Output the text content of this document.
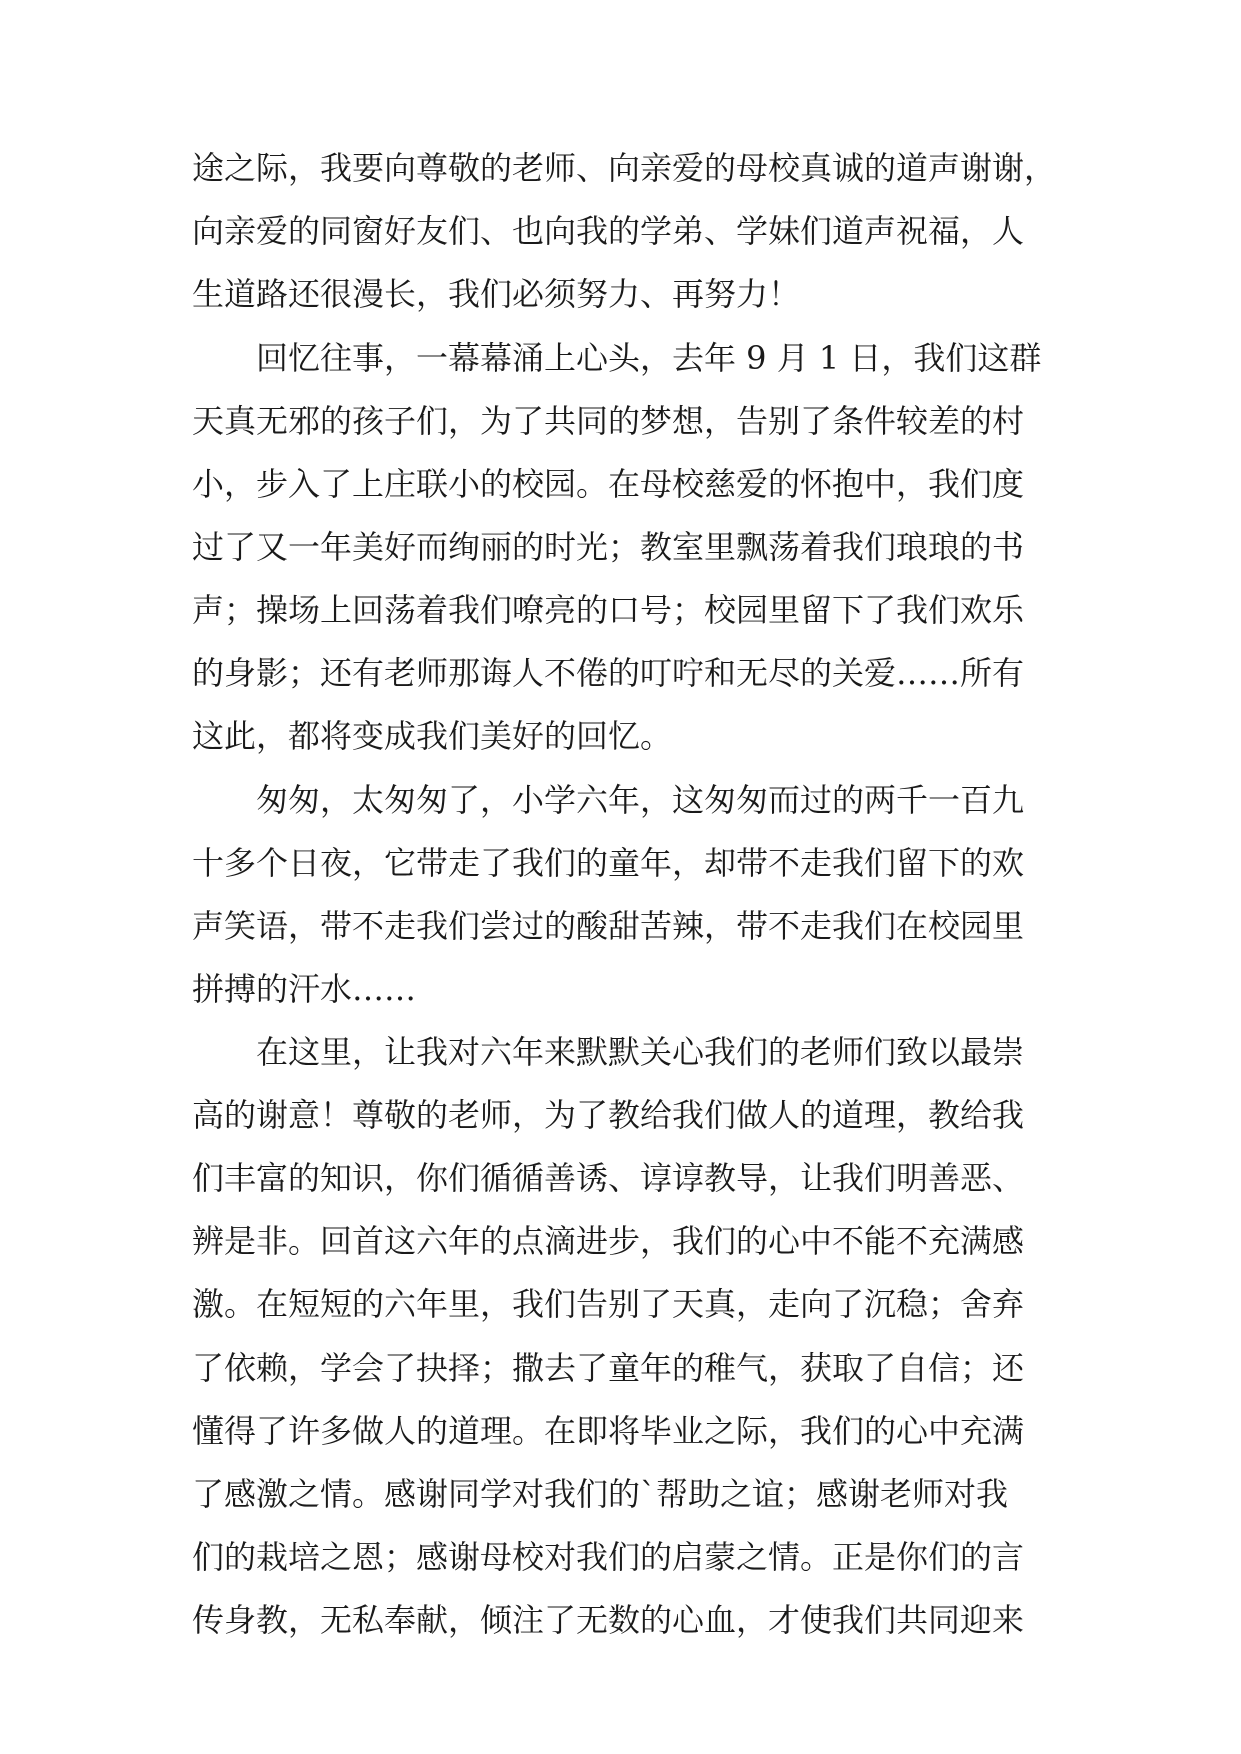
途之际，我要向尊敬的老师、向亲爱的母校真诚的道声谢谢，
向亲爱的同窗好友们、也向我的学弟、学妹们道声祝福，人
生道路还很漫长，我们必须努力、再努力！
回忆往事，一幕幕涌上心头，去年 9 月 1 日，我们这群
天真无邪的孩子们，为了共同的梦想，告别了条件较差的村
小，步入了上庄联小的校园。在母校慈爱的怀抱中，我们度
过了又一年美好而绚丽的时光；教室里飘荡着我们琅琅的书
声；操场上回荡着我们嘹亮的口号；校园里留下了我们欢乐
的身影；还有老师那诲人不倦的叮咛和无尽的关爱……所有
这此，都将变成我们美好的回忆。
匆匆，太匆匆了，小学六年，这匆匆而过的两千一百九
十多个日夜，它带走了我们的童年，却带不走我们留下的欢
声笑语，带不走我们尝过的酸甜苦辣，带不走我们在校园里
拼搏的汗水……
在这里，让我对六年来默默关心我们的老师们致以最崇
高的谢意！尊敬的老师，为了教给我们做人的道理，教给我
们丰富的知识，你们循循善诱、谆谆教导，让我们明善恶、
辨是非。回首这六年的点滴进步，我们的心中不能不充满感
激。在短短的六年里，我们告别了天真，走向了沉稳；舍弃
了依赖，学会了抉择；撒去了童年的稚气，获取了自信；还
懂得了许多做人的道理。在即将毕业之际，我们的心中充满
了感激之情。感谢同学对我们的`帮助之谊；感谢老师对我
们的栽培之恩；感谢母校对我们的启蒙之情。正是你们的言
传身教，无私奉献，倾注了无数的心血，才使我们共同迎来
